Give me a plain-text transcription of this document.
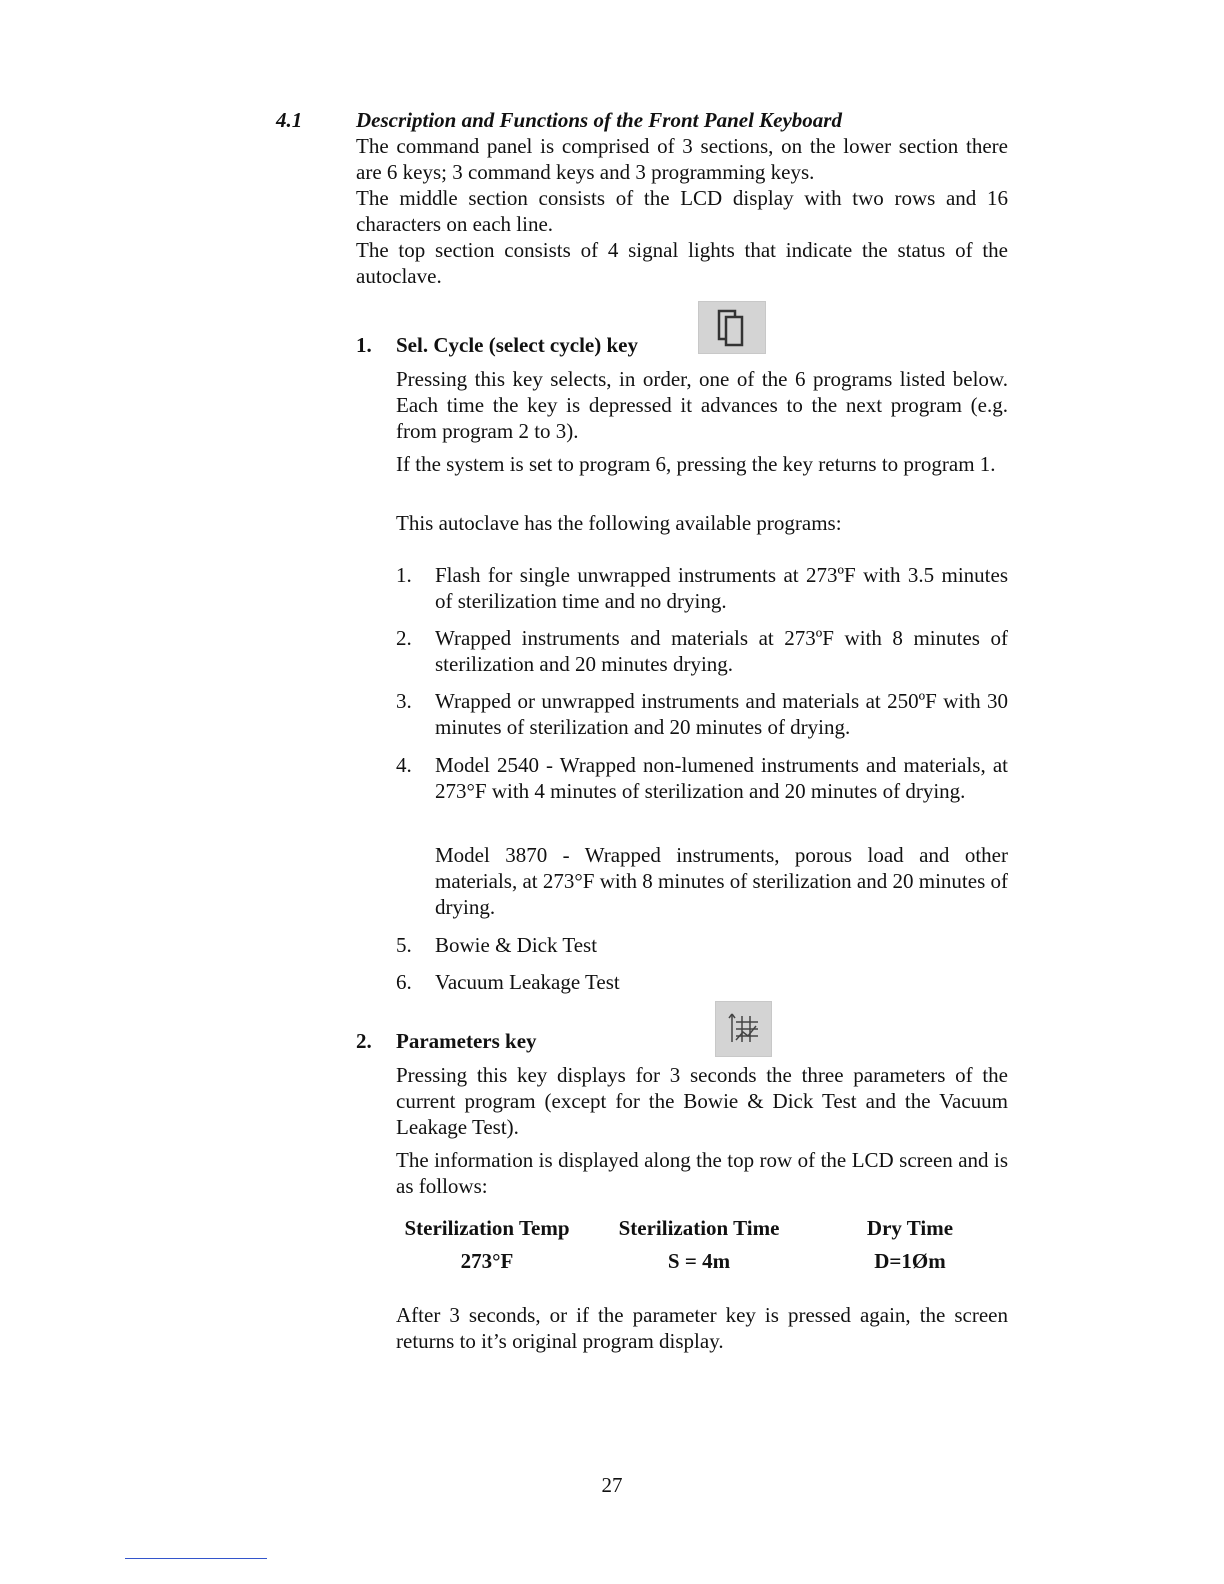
4.1	Description and Functions of the Front Panel Keyboard

The command panel is comprised of 3 sections, on the lower section there are 6 keys; 3 command keys and 3 programming keys.

The middle section consists of the LCD display with two rows and 16 characters on each line.

The top section consists of 4 signal lights that indicate the status of the autoclave.

1. Sel. Cycle (select cycle) key

Pressing this key selects, in order, one of the 6 programs listed below. Each time the key is depressed it advances to the next program (e.g. from program 2 to 3).

If the system is set to program 6, pressing the key returns to program 1.

This autoclave has the following available programs:

1. Flash for single unwrapped instruments at 273ºF with 3.5 minutes of sterilization time and no drying.

2. Wrapped instruments and materials at 273ºF with 8 minutes of sterilization and 20 minutes drying.

3. Wrapped or unwrapped instruments and materials at 250ºF with 30 minutes of sterilization and 20 minutes of drying.

4. Model 2540 - Wrapped non-lumened instruments and materials, at 273°F with 4 minutes of sterilization and 20 minutes of drying.

Model 3870 - Wrapped instruments, porous load and other materials, at 273°F with 8 minutes of sterilization and 20 minutes of drying.

5. Bowie & Dick Test

6. Vacuum Leakage Test

2. Parameters key

Pressing this key displays for 3 seconds the three parameters of the current program (except for the Bowie & Dick Test and the Vacuum Leakage Test).

The information is displayed along the top row of the LCD screen and is as follows:

Sterilization Temp	Sterilization Time	Dry Time
273°F	S = 4m	D=1Øm

After 3 seconds, or if the parameter key is pressed again, the screen returns to it’s original program display.

27
